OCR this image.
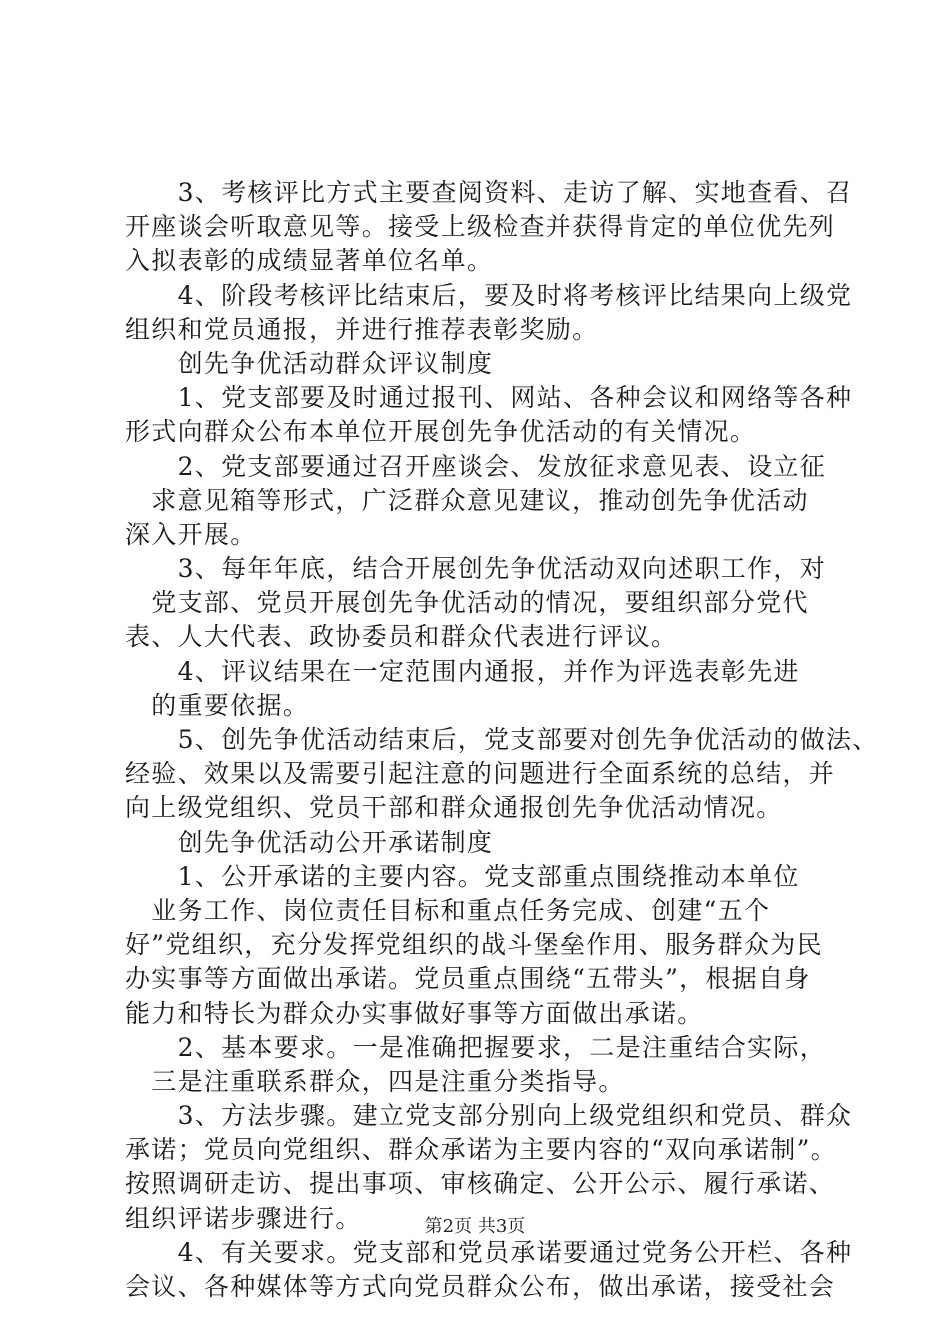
　　3、考核评比方式主要查阅资料、走访了解、实地查看、召
开座谈会听取意见等。接受上级检查并获得肯定的单位优先列
入拟表彰的成绩显著单位名单。
　　4、阶段考核评比结束后，要及时将考核评比结果向上级党
组织和党员通报，并进行推荐表彰奖励。
　　创先争优活动群众评议制度
　　1、党支部要及时通过报刊、网站、各种会议和网络等各种
形式向群众公布本单位开展创先争优活动的有关情况。
　　2、党支部要通过召开座谈会、发放征求意见表、设立征
　求意见箱等形式，广泛群众意见建议，推动创先争优活动
深入开展。
　　3、每年年底，结合开展创先争优活动双向述职工作，对
　党支部、党员开展创先争优活动的情况，要组织部分党代
表、人大代表、政协委员和群众代表进行评议。
　　4、评议结果在一定范围内通报，并作为评选表彰先进
　的重要依据。
　　5、创先争优活动结束后，党支部要对创先争优活动的做法、
经验、效果以及需要引起注意的问题进行全面系统的总结，并
向上级党组织、党员干部和群众通报创先争优活动情况。
　　创先争优活动公开承诺制度
　　1、公开承诺的主要内容。党支部重点围绕推动本单位
　业务工作、岗位责任目标和重点任务完成、创建“五个
好”党组织，充分发挥党组织的战斗堡垒作用、服务群众为民
办实事等方面做出承诺。党员重点围绕“五带头”，根据自身
能力和特长为群众办实事做好事等方面做出承诺。
　　2、基本要求。一是准确把握要求，二是注重结合实际，
　三是注重联系群众，四是注重分类指导。
　　3、方法步骤。建立党支部分别向上级党组织和党员、群众
承诺；党员向党组织、群众承诺为主要内容的“双向承诺制”。
按照调研走访、提出事项、审核确定、公开公示、履行承诺、
组织评诺步骤进行。
　　4、有关要求。党支部和党员承诺要通过党务公开栏、各种
会议、各种媒体等方式向党员群众公布，做出承诺，接受社会
第2页 共3页
